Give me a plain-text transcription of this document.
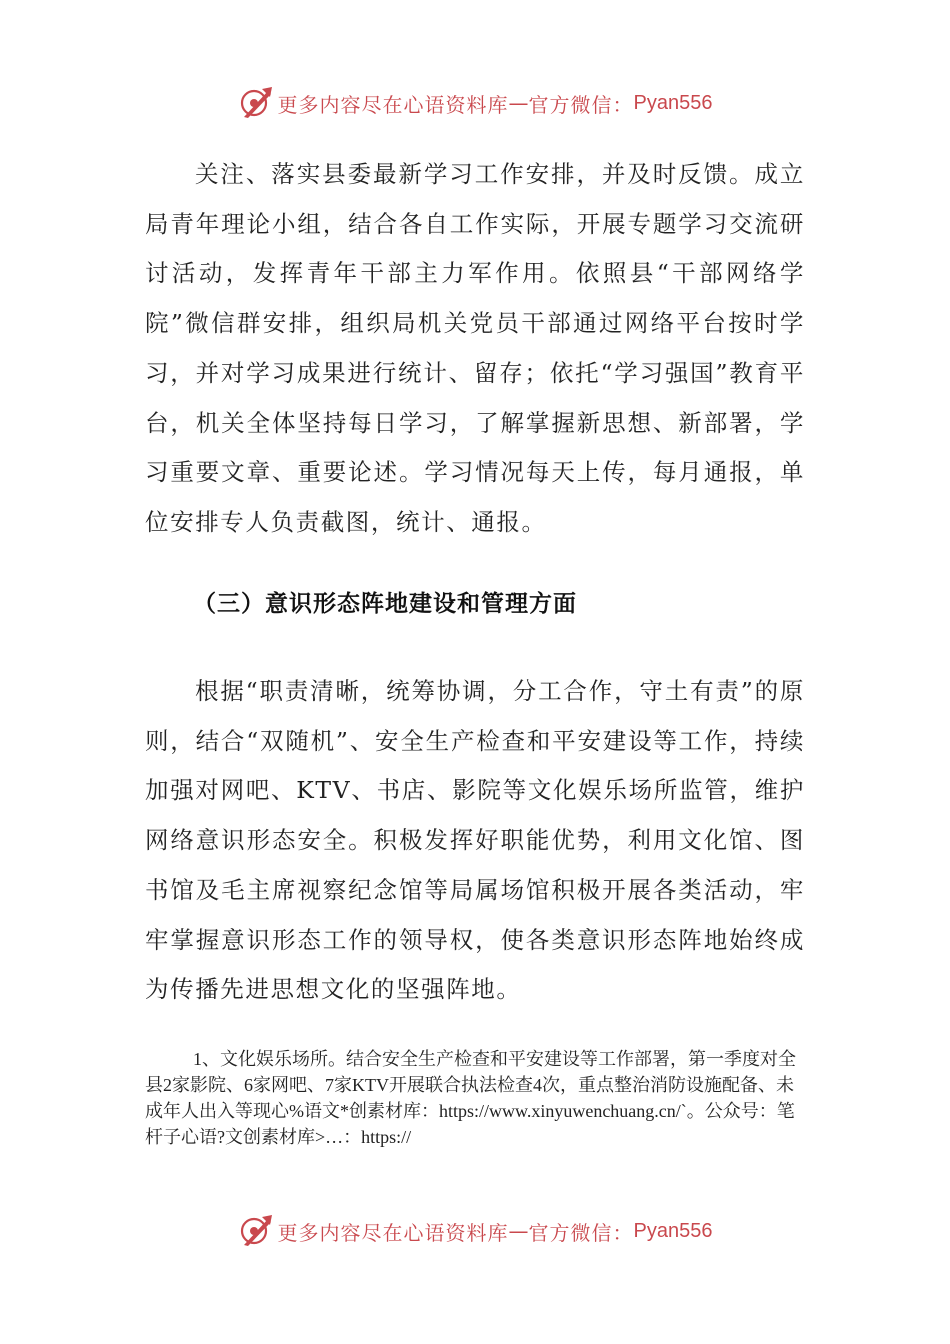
更多内容尽在心语资料库 — 官方微信： Pyan556

关注、落实县委最新学习工作安排，并及时反馈。成立局青年理论小组，结合各自工作实际，开展专题学习交流研讨活动，发挥青年干部主力军作用。依照县“干部网络学院”微信群安排，组织局机关党员干部通过网络平台按时学习，并对学习成果进行统计、留存；依托“学习强国”教育平台，机关全体坚持每日学习，了解掌握新思想、新部署，学习重要文章、重要论述。学习情况每天上传，每月通报，单位安排专人负责截图，统计、通报。

（三）意识形态阵地建设和管理方面

根据“职责清晰，统筹协调，分工合作，守土有责”的原则，结合“双随机”、安全生产检查和平安建设等工作，持续加强对网吧、KTV、书店、影院等文化娱乐场所监管，维护网络意识形态安全。积极发挥好职能优势，利用文化馆、图书馆及毛主席视察纪念馆等局属场馆积极开展各类活动，牢牢掌握意识形态工作的领导权，使各类意识形态阵地始终成为传播先进思想文化的坚强阵地。

1、文化娱乐场所。结合安全生产检查和平安建设等工作部署，第一季度对全县2家影院、6家网吧、7家KTV开展联合执法检查4次，重点整治消防设施配备、未成年人出入等现心%语文*创素材库：https://www.xinyuwenchuang.cn/`。公众号：笔杆子心语?文创素材库>…：https://

更多内容尽在心语资料库 — 官方微信： Pyan556
